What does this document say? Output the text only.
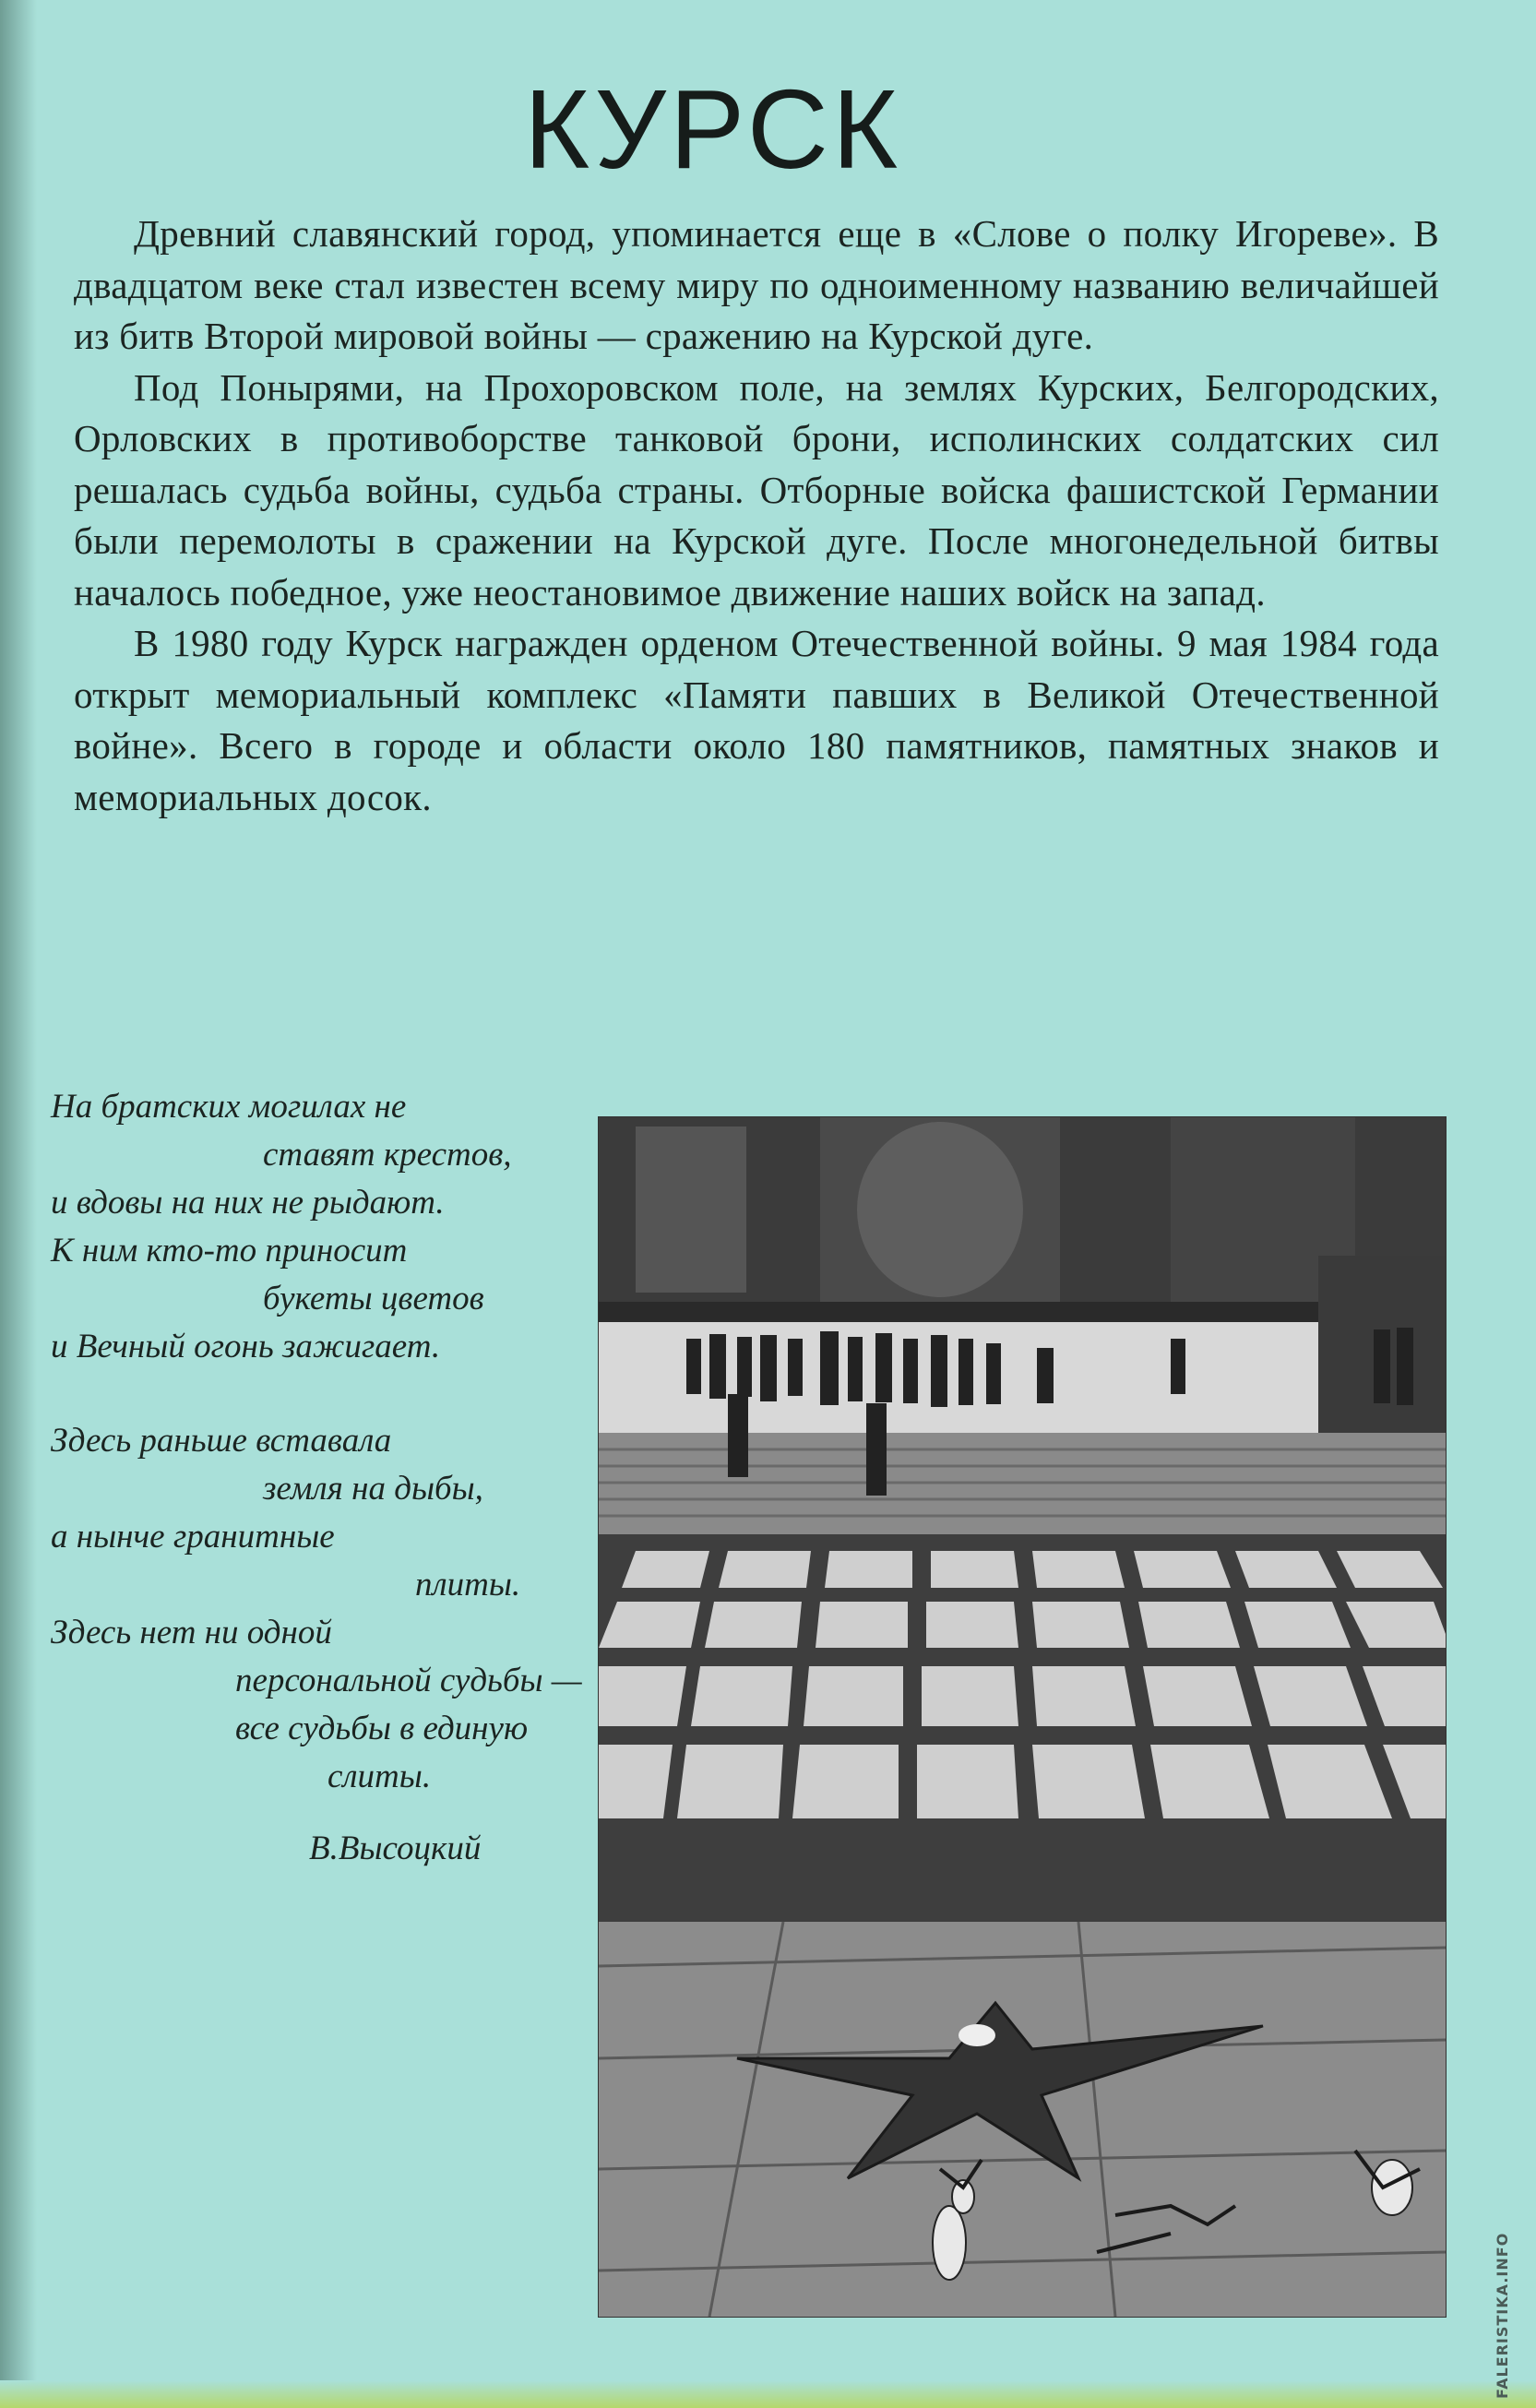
КУРСК

Древний славянский город, упоминается еще в «Слове о полку Игореве». В двадцатом веке стал известен всему миру по одноименному названию величайшей из битв Второй мировой войны — сражению на Курской дуге.

Под Понырями, на Прохоровском поле, на землях Курских, Белгородских, Орловских в противоборстве танковой брони, исполинских солдатских сил решалась судьба войны, судьба страны. Отборные войска фашистской Германии были перемолоты в сражении на Курской дуге. После многонедельной битвы началось победное, уже неостановимое движение наших войск на запад.

В 1980 году Курск награжден орденом Отечественной войны. 9 мая 1984 года открыт мемориальный комплекс «Памяти павших в Великой Отечественной войне». Всего в городе и области около 180 памятников, памятных знаков и мемориальных досок.

На братских могилах не
ставят крестов,
и вдовы на них не рыдают.
К ним кто-то приносит
букеты цветов
и Вечный огонь зажигает.
Здесь раньше вставала
земля на дыбы,
а нынче гранитные
плиты.
Здесь нет ни одной
персональной судьбы —
все судьбы в единую
слиты.
В.Высоцкий
FALERISTIKA.INFO
